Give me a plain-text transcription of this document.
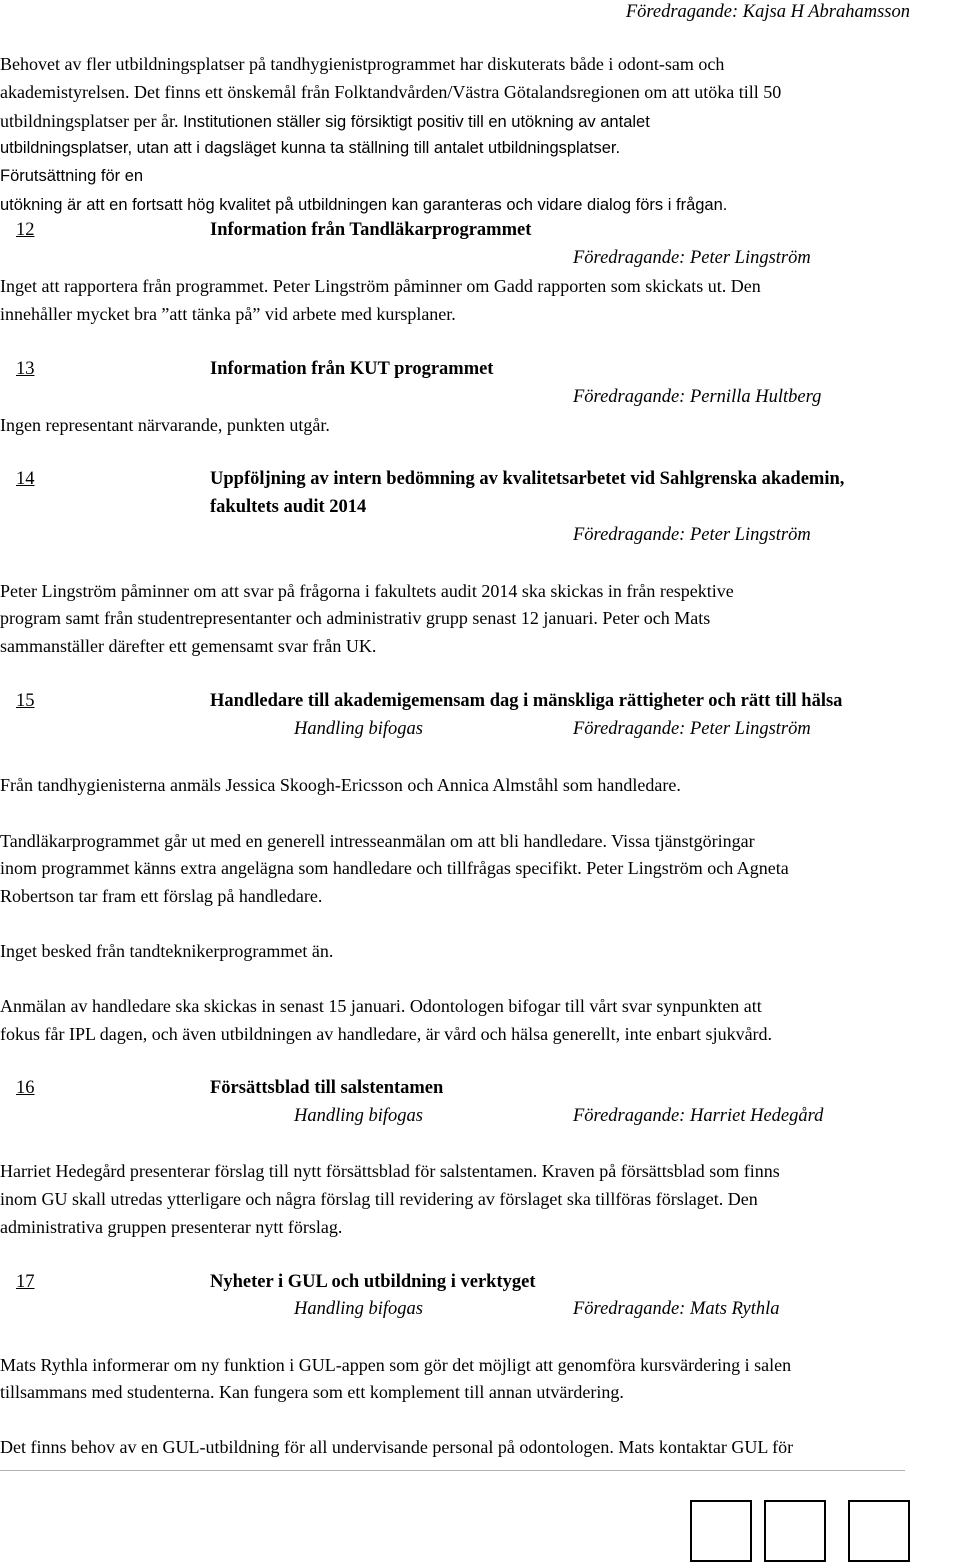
Föredragande: Kajsa H Abrahamsson
Behovet av fler utbildningsplatser på tandhygienistprogrammet har diskuterats både i odont-sam och
akademistyrelsen. Det finns ett önskemål från Folktandvården/Västra Götalandsregionen om att utöka till 50
utbildningsplatser per år. Institutionen ställer sig försiktigt positiv till en utökning av antalet
utbildningsplatser, utan att i dagsläget kunna ta ställning till antalet utbildningsplatser.
Förutsättning för en
utökning är att en fortsatt hög kvalitet på utbildningen kan garanteras och vidare dialog förs i frågan.
12	Information från Tandläkarprogrammet
Föredragande: Peter Lingström
Inget att rapportera från programmet. Peter Lingström påminner om Gadd rapporten som skickats ut. Den
innehåller mycket bra ”att tänka på” vid arbete med kursplaner.
13	Information från KUT programmet
Föredragande: Pernilla Hultberg
Ingen representant närvarande, punkten utgår.
14	Uppföljning av intern bedömning av kvalitetsarbetet vid Sahlgrenska akademin,
fakultets audit 2014
Föredragande: Peter Lingström
Peter Lingström påminner om att svar på frågorna i fakultets audit 2014 ska skickas in från respektive
program samt från studentrepresentanter och administrativ grupp senast 12 januari. Peter och Mats
sammanställer därefter ett gemensamt svar från UK.
15	Handledare till akademigemensam dag i mänskliga rättigheter och rätt till hälsa
Handling bifogas	Föredragande: Peter Lingström
Från tandhygienisterna anmäls Jessica Skoogh-Ericsson och Annica Almståhl som handledare.
Tandläkarprogrammet går ut med en generell intresseanmälan om att bli handledare. Vissa tjänstgöringar
inom programmet känns extra angelägna som handledare och tillfrågas specifikt. Peter Lingström och Agneta
Robertson tar fram ett förslag på handledare.
Inget besked från tandteknikerprogrammet än.
Anmälan av handledare ska skickas in senast 15 januari. Odontologen bifogar till vårt svar synpunkten att
fokus får IPL dagen, och även utbildningen av handledare, är vård och hälsa generellt, inte enbart sjukvård.
16	Försättsblad till salstentamen
Handling bifogas	Föredragande: Harriet Hedegård
Harriet Hedegård presenterar förslag till nytt försättsblad för salstentamen. Kraven på försättsblad som finns
inom GU skall utredas ytterligare och några förslag till revidering av förslaget ska tillföras förslaget. Den
administrativa gruppen presenterar nytt förslag.
17	Nyheter i GUL och utbildning i verktyget
Handling bifogas	Föredragande: Mats Rythla
Mats Rythla informerar om ny funktion i GUL-appen som gör det möjligt att genomföra kursvärdering i salen
tillsammans med studenterna. Kan fungera som ett komplement till annan utvärdering.
Det finns behov av en GUL-utbildning för all undervisande personal på odontologen. Mats kontaktar GUL för
